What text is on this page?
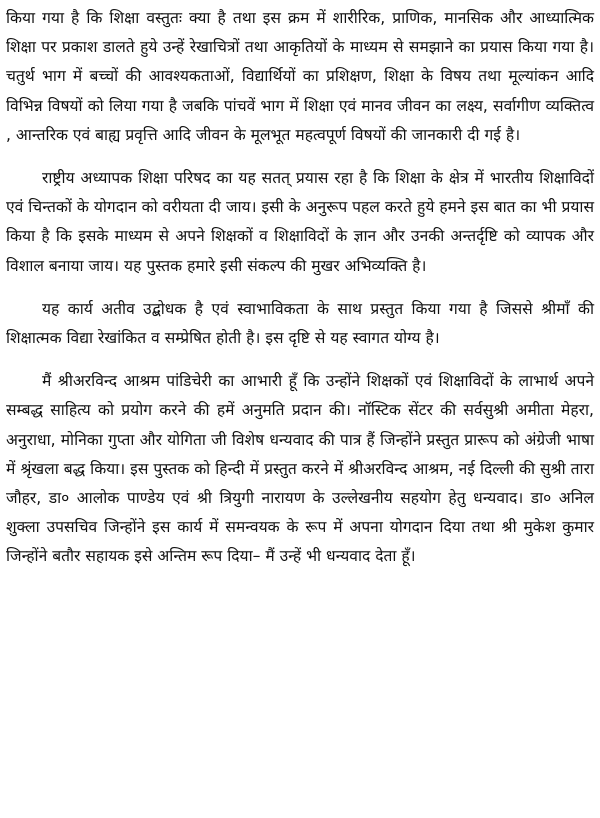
किया गया है कि शिक्षा वस्तुतः क्या है तथा इस क्रम में शारीरिक, प्राणिक, मानसिक और आध्यात्मिक शिक्षा पर प्रकाश डालते हुये उन्हें रेखाचित्रों तथा आकृतियों के माध्यम से समझाने का प्रयास किया गया है। चतुर्थ भाग में बच्चों की आवश्यकताओं, विद्यार्थियों का प्रशिक्षण, शिक्षा के विषय तथा मूल्यांकन आदि विभिन्न विषयों को लिया गया है जबकि पांचवें भाग में शिक्षा एवं मानव जीवन का लक्ष्य, सर्वागीण व्यक्तित्व , आन्तरिक एवं बाह्य प्रवृत्ति आदि जीवन के मूलभूत महत्वपूर्ण विषयों की जानकारी दी गई है।

राष्ट्रीय अध्यापक शिक्षा परिषद का यह सतत् प्रयास रहा है कि शिक्षा के क्षेत्र में भारतीय शिक्षाविदों एवं चिन्तकों के योगदान को वरीयता दी जाय। इसी के अनुरूप पहल करते हुये हमने इस बात का भी प्रयास किया है कि इसके माध्यम से अपने शिक्षकों व शिक्षाविदों के ज्ञान और उनकी अन्तर्दृष्टि को व्यापक और विशाल बनाया जाय। यह पुस्तक हमारे इसी संकल्प की मुखर अभिव्यक्ति है।

यह कार्य अतीव उद्बोधक है एवं स्वाभाविकता के साथ प्रस्तुत किया गया है जिससे श्रीमाँ की शिक्षात्मक विद्या रेखांकित व सम्प्रेषित होती है। इस दृष्टि से यह स्वागत योग्य है।

मैं श्रीअरविन्द आश्रम पांडिचेरी का आभारी हूँ कि उन्होंने शिक्षकों एवं शिक्षाविदों के लाभार्थ अपने सम्बद्ध साहित्य को प्रयोग करने की हमें अनुमति प्रदान की। नॉस्टिक सेंटर की सर्वसुश्री अमीता मेहरा, अनुराधा, मोनिका गुप्ता और योगिता जी विशेष धन्यवाद की पात्र हैं जिन्होंने प्रस्तुत प्रारूप को अंग्रेजी भाषा में श्रृंखला बद्ध किया। इस पुस्तक को हिन्दी में प्रस्तुत करने में श्रीअरविन्द आश्रम, नई दिल्ली की सुश्री तारा जौहर, डा० आलोक पाण्डेय एवं श्री त्रियुगी नारायण के उल्लेखनीय सहयोग हेतु धन्यवाद। डा० अनिल शुक्ला उपसचिव जिन्होंने इस कार्य में समन्वयक के रूप में अपना योगदान दिया तथा श्री मुकेश कुमार जिन्होंने बतौर सहायक इसे अन्तिम रूप दिया– मैं उन्हें भी धन्यवाद देता हूँ।
